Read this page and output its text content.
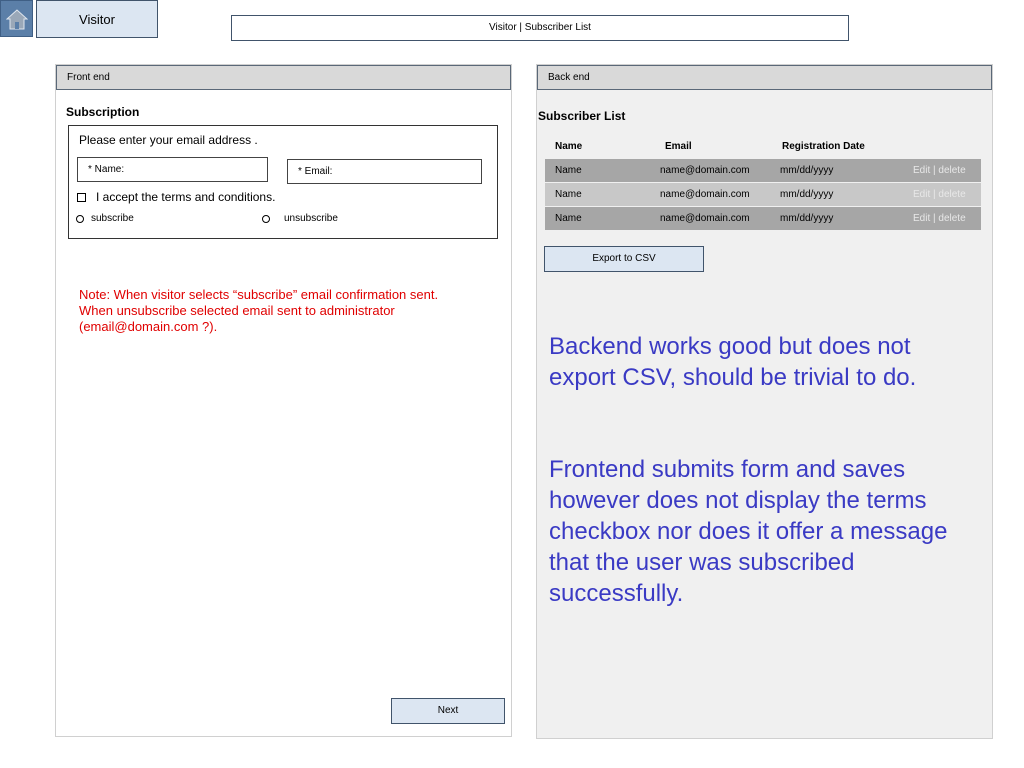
Visitor
Visitor | Subscriber List
Front end
Subscription
Please enter your email address .
* Name:	* Email:
I accept the terms and conditions.
subscribe	unsubscribe
Note: When visitor selects “subscribe” email confirmation sent.
When unsubscribe selected email sent to administrator
(email@domain.com ?).
Next
Back end
Subscriber List
Name	Email	Registration Date
Name	name@domain.com	mm/dd/yyyy	Edit | delete
Name	name@domain.com	mm/dd/yyyy	Edit | delete
Name	name@domain.com	mm/dd/yyyy	Edit | delete
Export to CSV
Backend works good but does not export CSV, should be trivial to do.
Frontend submits form and saves however does not display the terms checkbox nor does it offer a message that the user was subscribed successfully.
